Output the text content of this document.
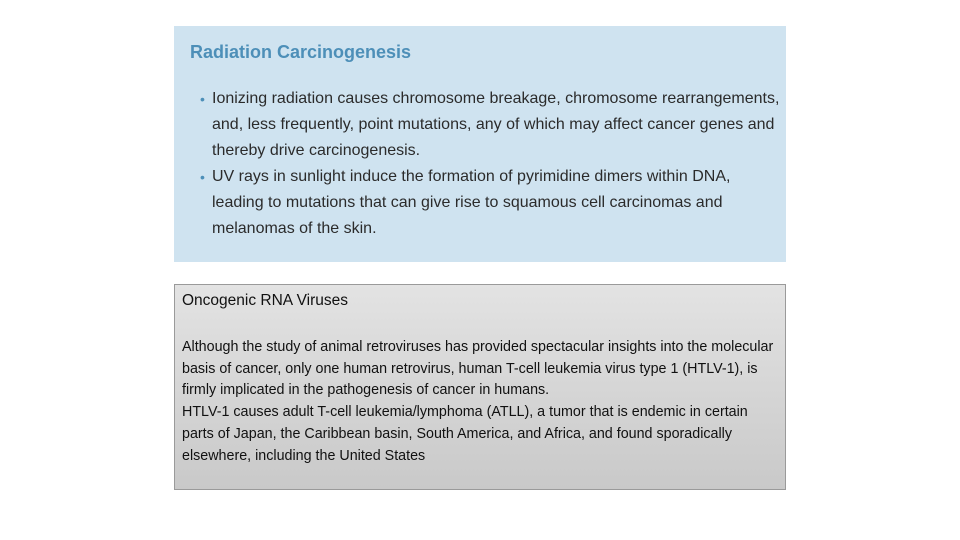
Radiation Carcinogenesis
• Ionizing radiation causes chromosome breakage, chromosome rearrangements, and, less frequently, point mutations, any of which may affect cancer genes and thereby drive carcinogenesis.
• UV rays in sunlight induce the formation of pyrimidine dimers within DNA, leading to mutations that can give rise to squamous cell carcinomas and melanomas of the skin.
Oncogenic RNA Viruses

Although the study of animal retroviruses has provided spectacular insights into the molecular basis of cancer, only one human retrovirus, human T-cell leukemia virus type 1 (HTLV-1), is firmly implicated in the pathogenesis of cancer in humans.

HTLV-1 causes adult T-cell leukemia/lymphoma (ATLL), a tumor that is endemic in certain parts of Japan, the Caribbean basin, South America, and Africa, and found sporadically elsewhere, including the United States
